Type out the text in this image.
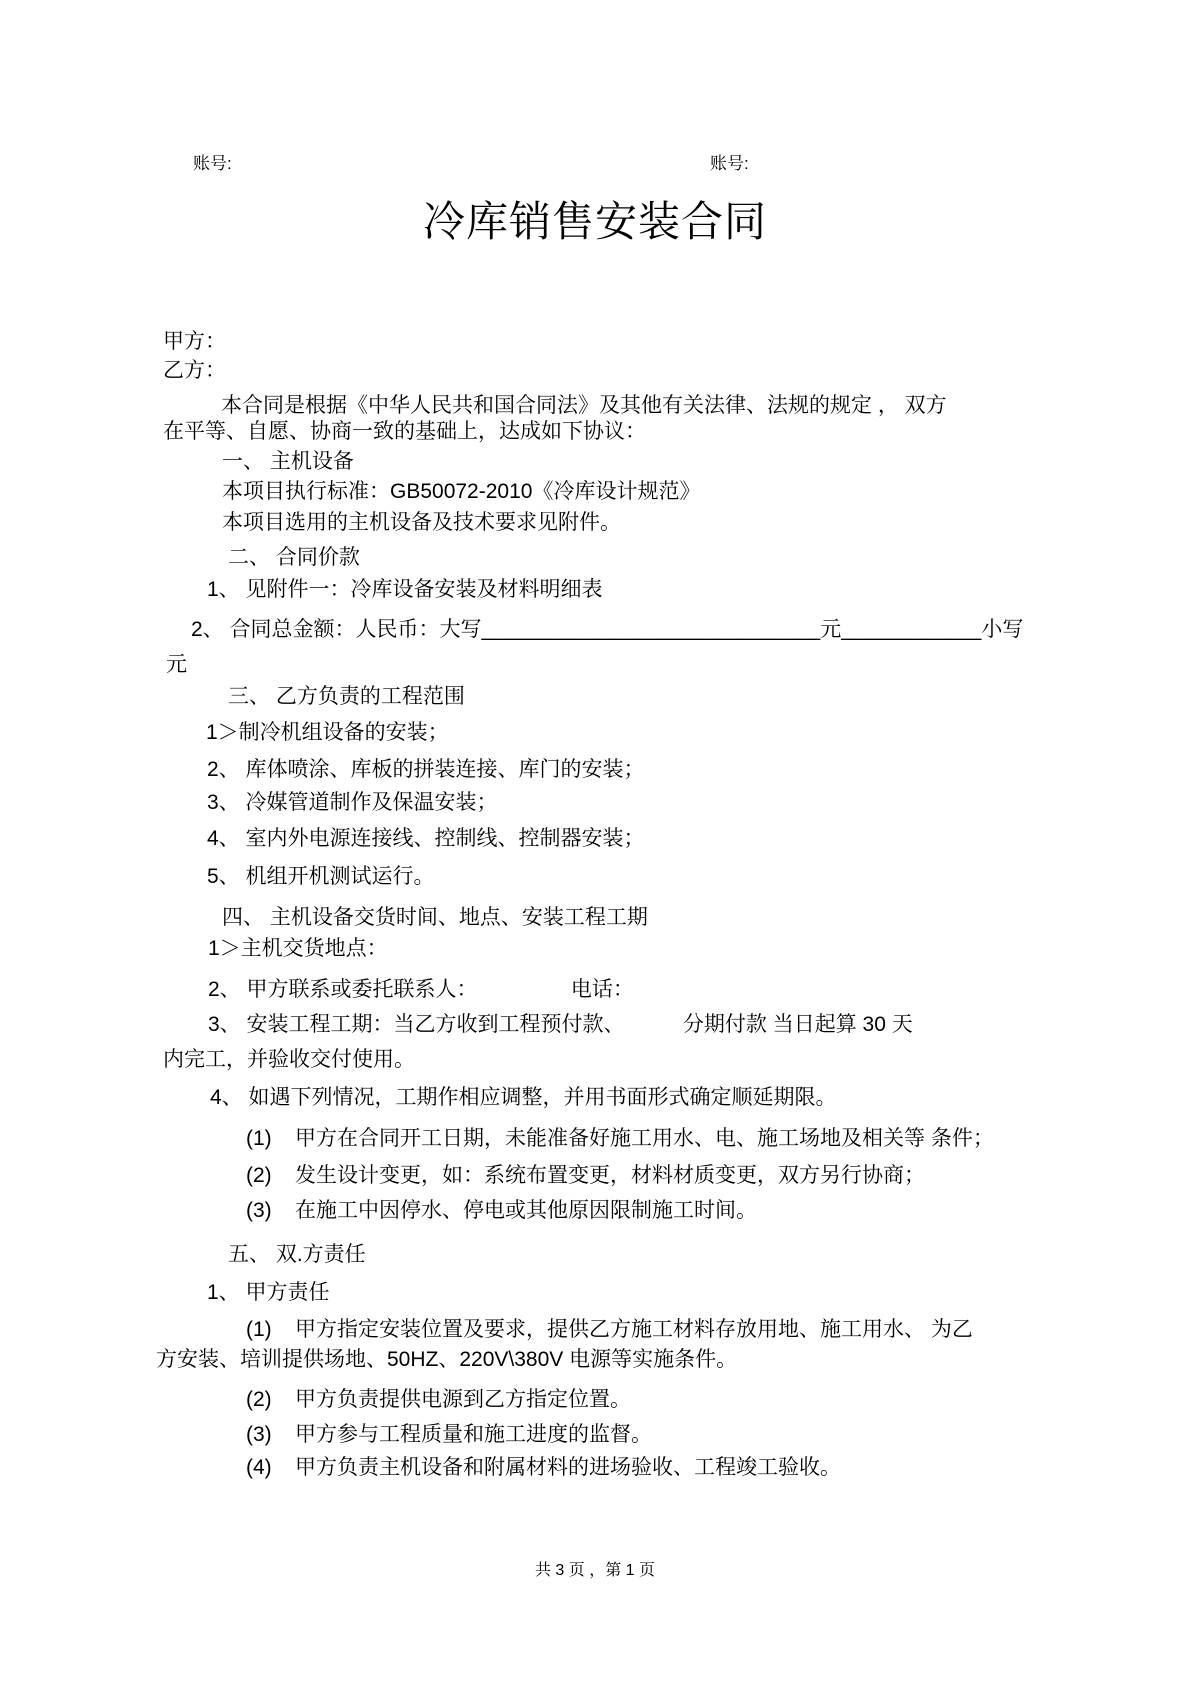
账号:	账号:
冷库销售安装合同
甲方：
乙方：
本合同是根据《中华人民共和国合同法》及其他有关法律、法规的规定 ， 双方
在平等、自愿、协商一致的基础上，达成如下协议：
一、 主机设备
本项目执行标准：GB50072-2010《冷库设计规范》
本项目选用的主机设备及技术要求见附件。
二、 合同价款
1、 见附件一：冷库设备安装及材料明细表
2、 合同总金额：人民币：大写_____________________________元____________小写
元
三、 乙方负责的工程范围
1＞制冷机组设备的安装；
2、 库体喷涂、库板的拼装连接、库门的安装；
3、 冷媒管道制作及保温安装；
4、 室内外电源连接线、控制线、控制器安装；
5、 机组开机测试运行。
四、 主机设备交货时间、地点、安装工程工期
1＞主机交货地点：
2、 甲方联系或委托联系人：                电话：
3、 安装工程工期：当乙方收到工程预付款、          分期付款 当日起算 30 天
内完工，并验收交付使用。
4、 如遇下列情况，工期作相应调整，并用书面形式确定顺延期限。
(1)    甲方在合同开工日期，未能准备好施工用水、电、施工场地及相关等 条件；
(2)    发生设计变更，如：系统布置变更，材料材质变更，双方另行协商；
(3)    在施工中因停水、停电或其他原因限制施工时间。
五、 双.方责任
1、 甲方责任
(1)    甲方指定安装位置及要求，提供乙方施工材料存放用地、施工用水、 为乙
方安装、培训提供场地、50HZ、220V\380V 电源等实施条件。
(2)    甲方负责提供电源到乙方指定位置。
(3)    甲方参与工程质量和施工进度的监督。
(4)    甲方负责主机设备和附属材料的进场验收、工程竣工验收。
共 3 页 ，第 1 页
